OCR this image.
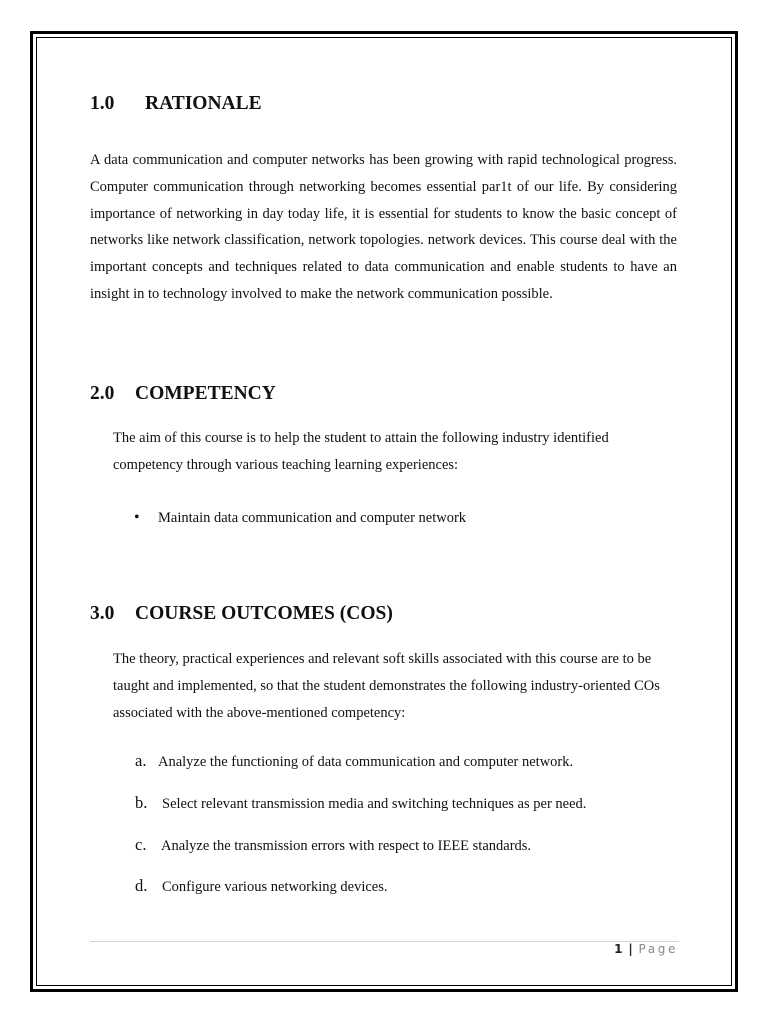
1.0 RATIONALE

A data communication and computer networks has been growing with rapid technological progress. Computer communication through networking becomes essential par1t of our life. By considering importance of networking in day today life, it is essential for students to know the basic concept of networks like network classification, network topologies. network devices. This course deal with the important concepts and techniques related to data communication and enable students to have an insight in to technology involved to make the network communication possible.

2.0 COMPETENCY

The aim of this course is to help the student to attain the following industry identified competency through various teaching learning experiences:

• Maintain data communication and computer network
3.0 COURSE OUTCOMES (COS)

The theory, practical experiences and relevant soft skills associated with this course are to be taught and implemented, so that the student demonstrates the following industry-oriented COs associated with the above-mentioned competency:

a. Analyze the functioning of data communication and computer network.
b. Select relevant transmission media and switching techniques as per need.
c. Analyze the transmission errors with respect to IEEE standards.
d. Configure various networking devices.
1 | Page
